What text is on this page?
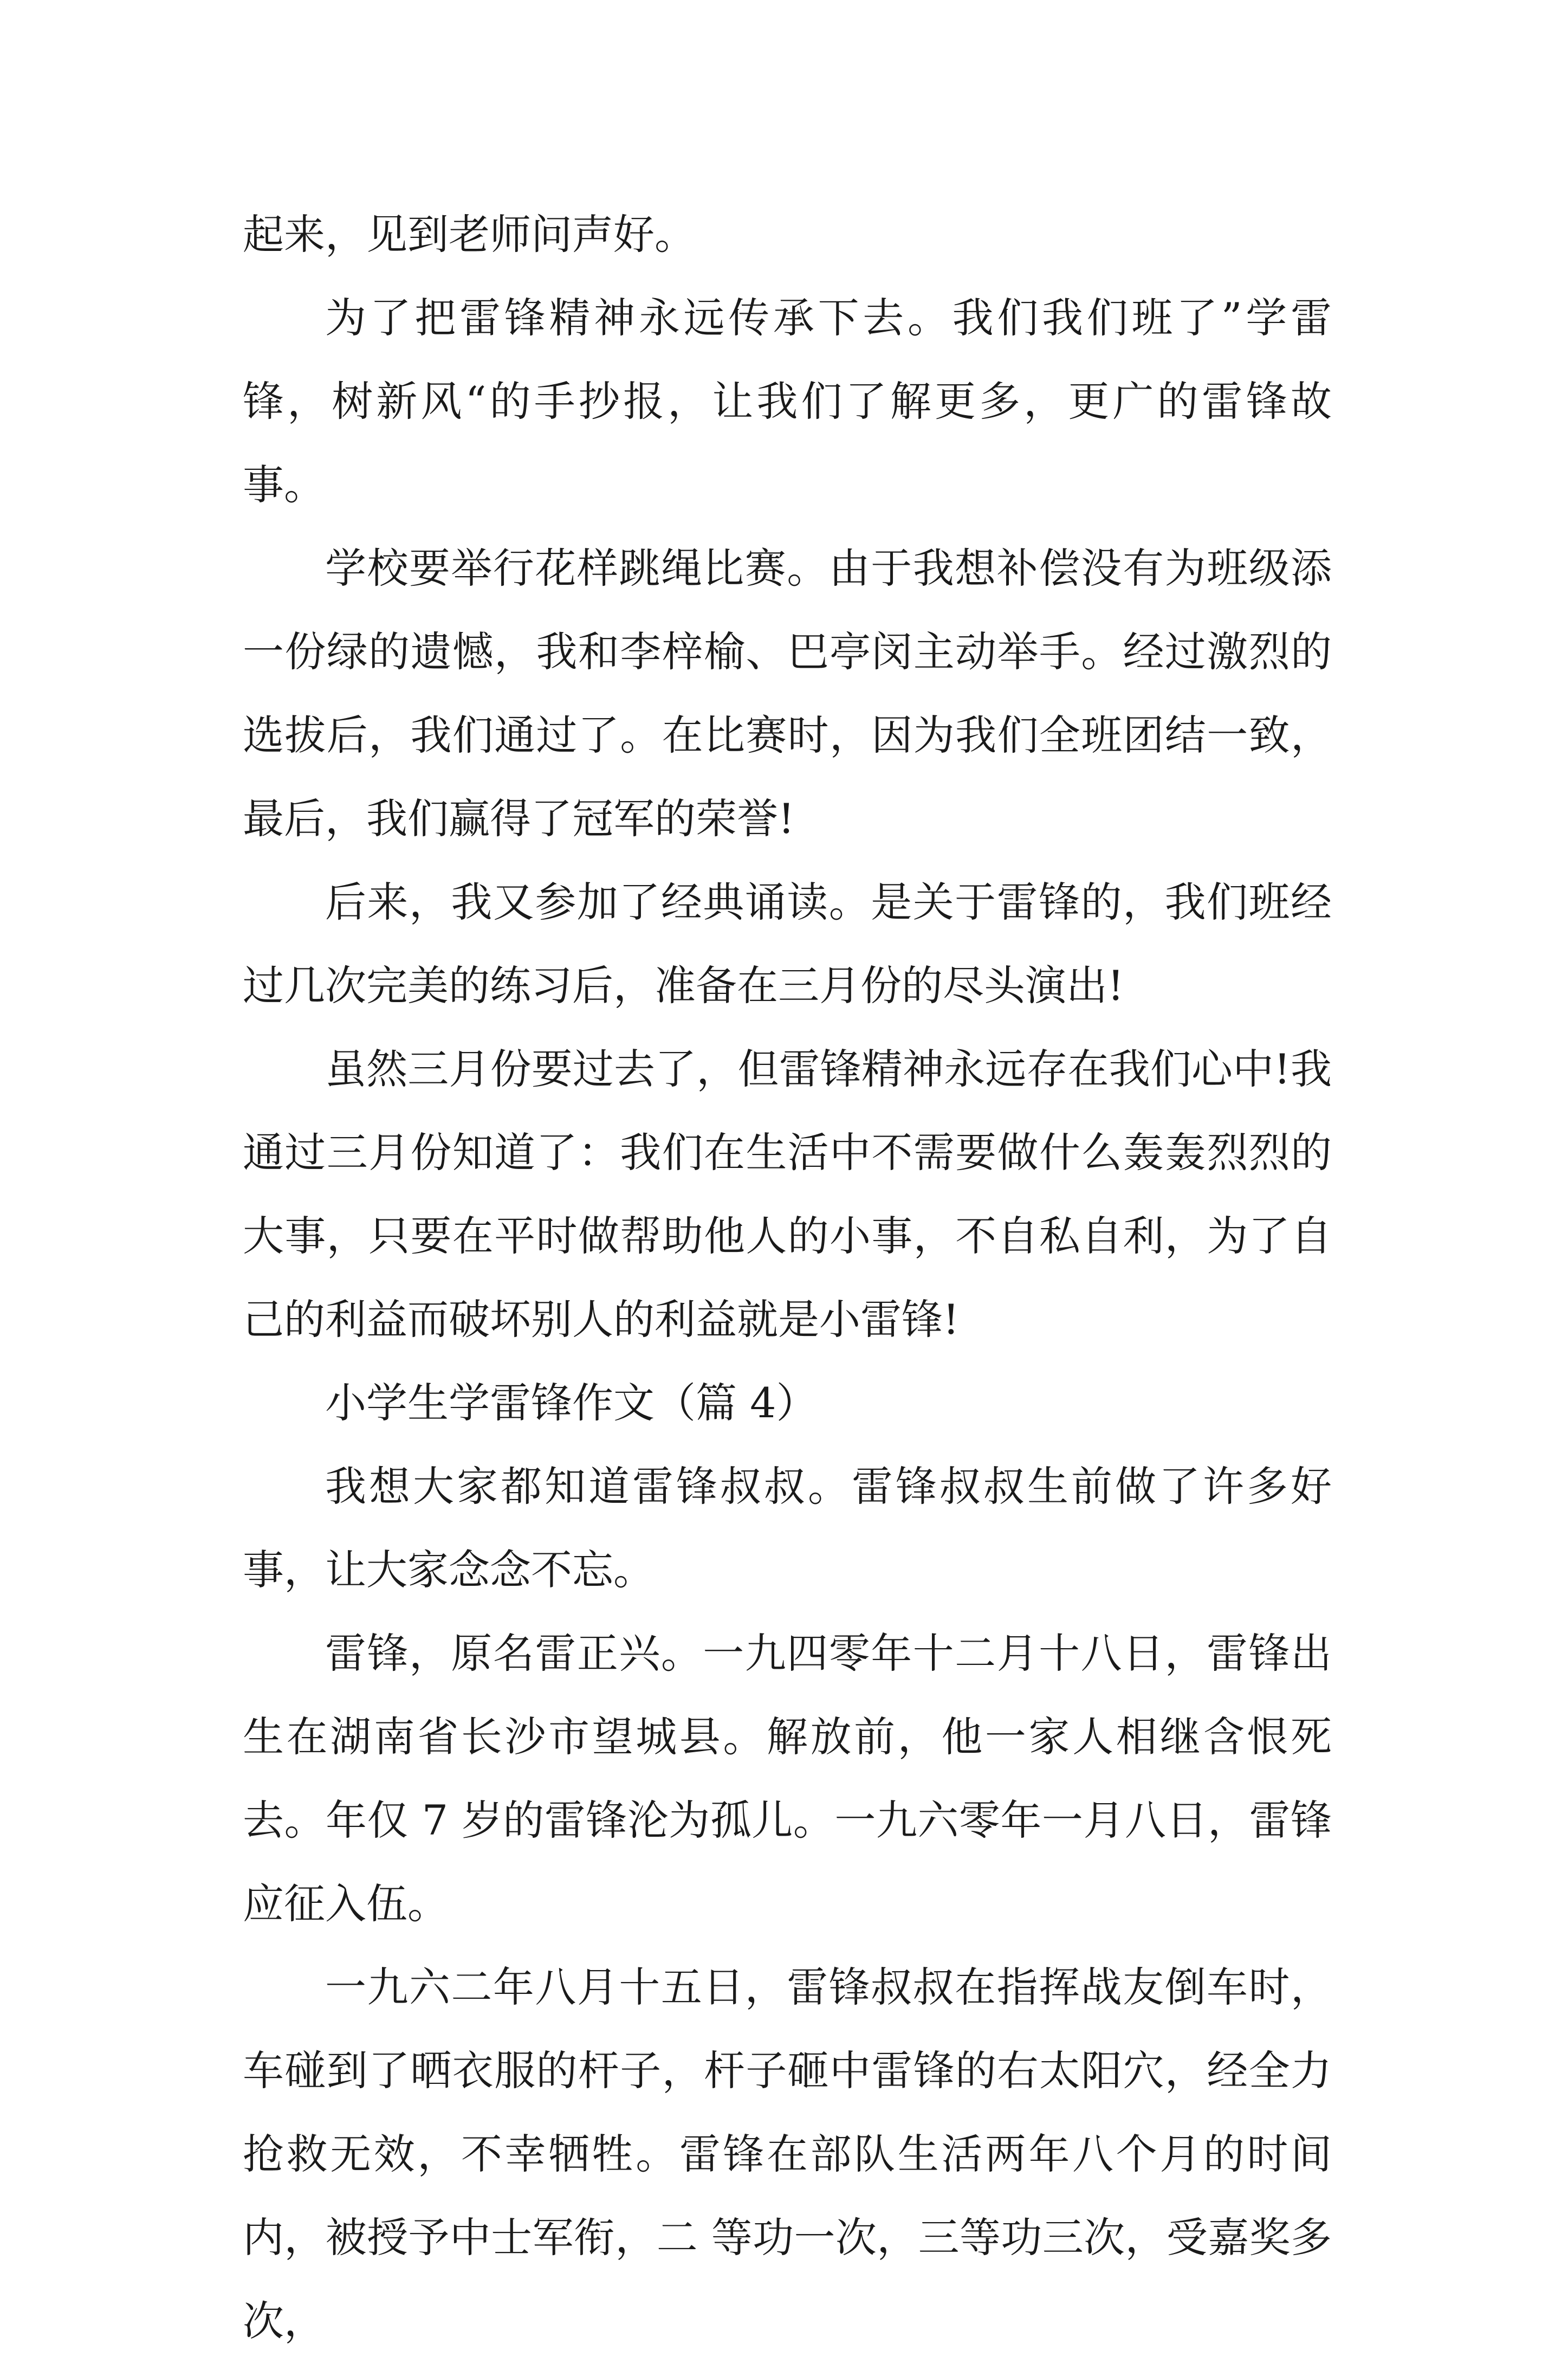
起来，见到老师问声好。

为了把雷锋精神永远传承下去。我们我们班了”学雷锋，树新风“的手抄报，让我们了解更多，更广的雷锋故事。

学校要举行花样跳绳比赛。由于我想补偿没有为班级添一份绿的遗憾，我和李梓榆、巴亭闵主动举手。经过激烈的选拔后，我们通过了。在比赛时，因为我们全班团结一致，最后，我们赢得了冠军的荣誉!

后来，我又参加了经典诵读。是关于雷锋的，我们班经过几次完美的练习后，准备在三月份的尽头演出!

虽然三月份要过去了，但雷锋精神永远存在我们心中!我通过三月份知道了：我们在生活中不需要做什么轰轰烈烈的大事，只要在平时做帮助他人的小事，不自私自利，为了自己的利益而破坏别人的利益就是小雷锋!

小学生学雷锋作文（篇 4）

我想大家都知道雷锋叔叔。雷锋叔叔生前做了许多好事，让大家念念不忘。

雷锋，原名雷正兴。一九四零年十二月十八日，雷锋出生在湖南省长沙市望城县。解放前，他一家人相继含恨死去。年仅 7 岁的雷锋沦为孤儿。一九六零年一月八日，雷锋应征入伍。

一九六二年八月十五日，雷锋叔叔在指挥战友倒车时，车碰到了晒衣服的杆子，杆子砸中雷锋的右太阳穴，经全力抢救无效，不幸牺牲。雷锋在部队生活两年八个月的时间内，被授予中士军衔，二 等功一次，三等功三次，受嘉奖多次，
